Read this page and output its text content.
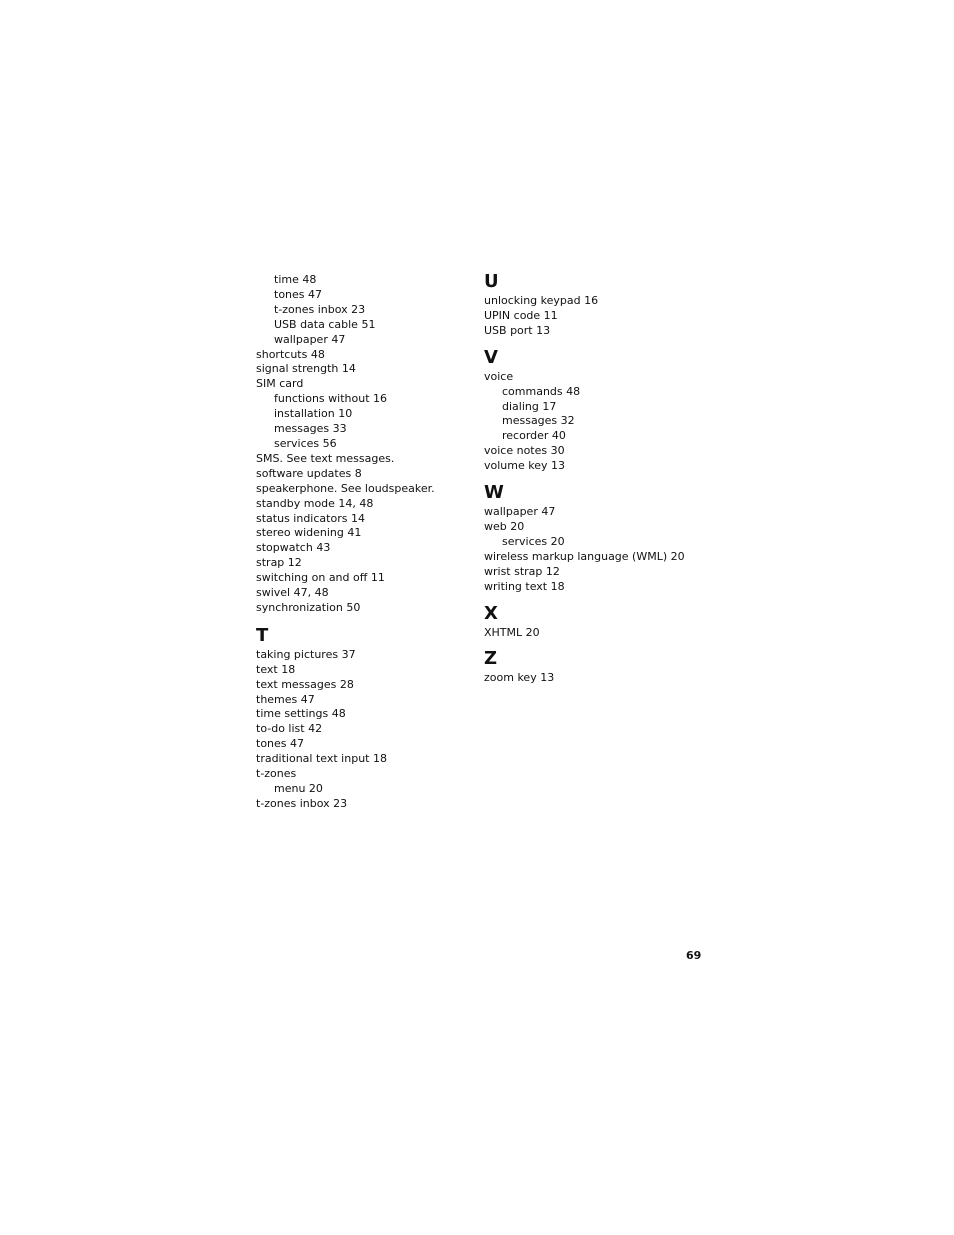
time 48
tones 47
t-zones inbox 23
USB data cable 51
wallpaper 47
shortcuts 48
signal strength 14
SIM card
functions without 16
installation 10
messages 33
services 56
SMS. See text messages.
software updates 8
speakerphone. See loudspeaker.
standby mode 14, 48
status indicators 14
stereo widening 41
stopwatch 43
strap 12
switching on and off 11
swivel 47, 48
synchronization 50
T
taking pictures 37
text 18
text messages 28
themes 47
time settings 48
to-do list 42
tones 47
traditional text input 18
t-zones
menu 20
t-zones inbox 23
U
unlocking keypad 16
UPIN code 11
USB port 13
V
voice
commands 48
dialing 17
messages 32
recorder 40
voice notes 30
volume key 13
W
wallpaper 47
web 20
services 20
wireless markup language (WML) 20
wrist strap 12
writing text 18
X
XHTML 20
Z
zoom key 13
69
